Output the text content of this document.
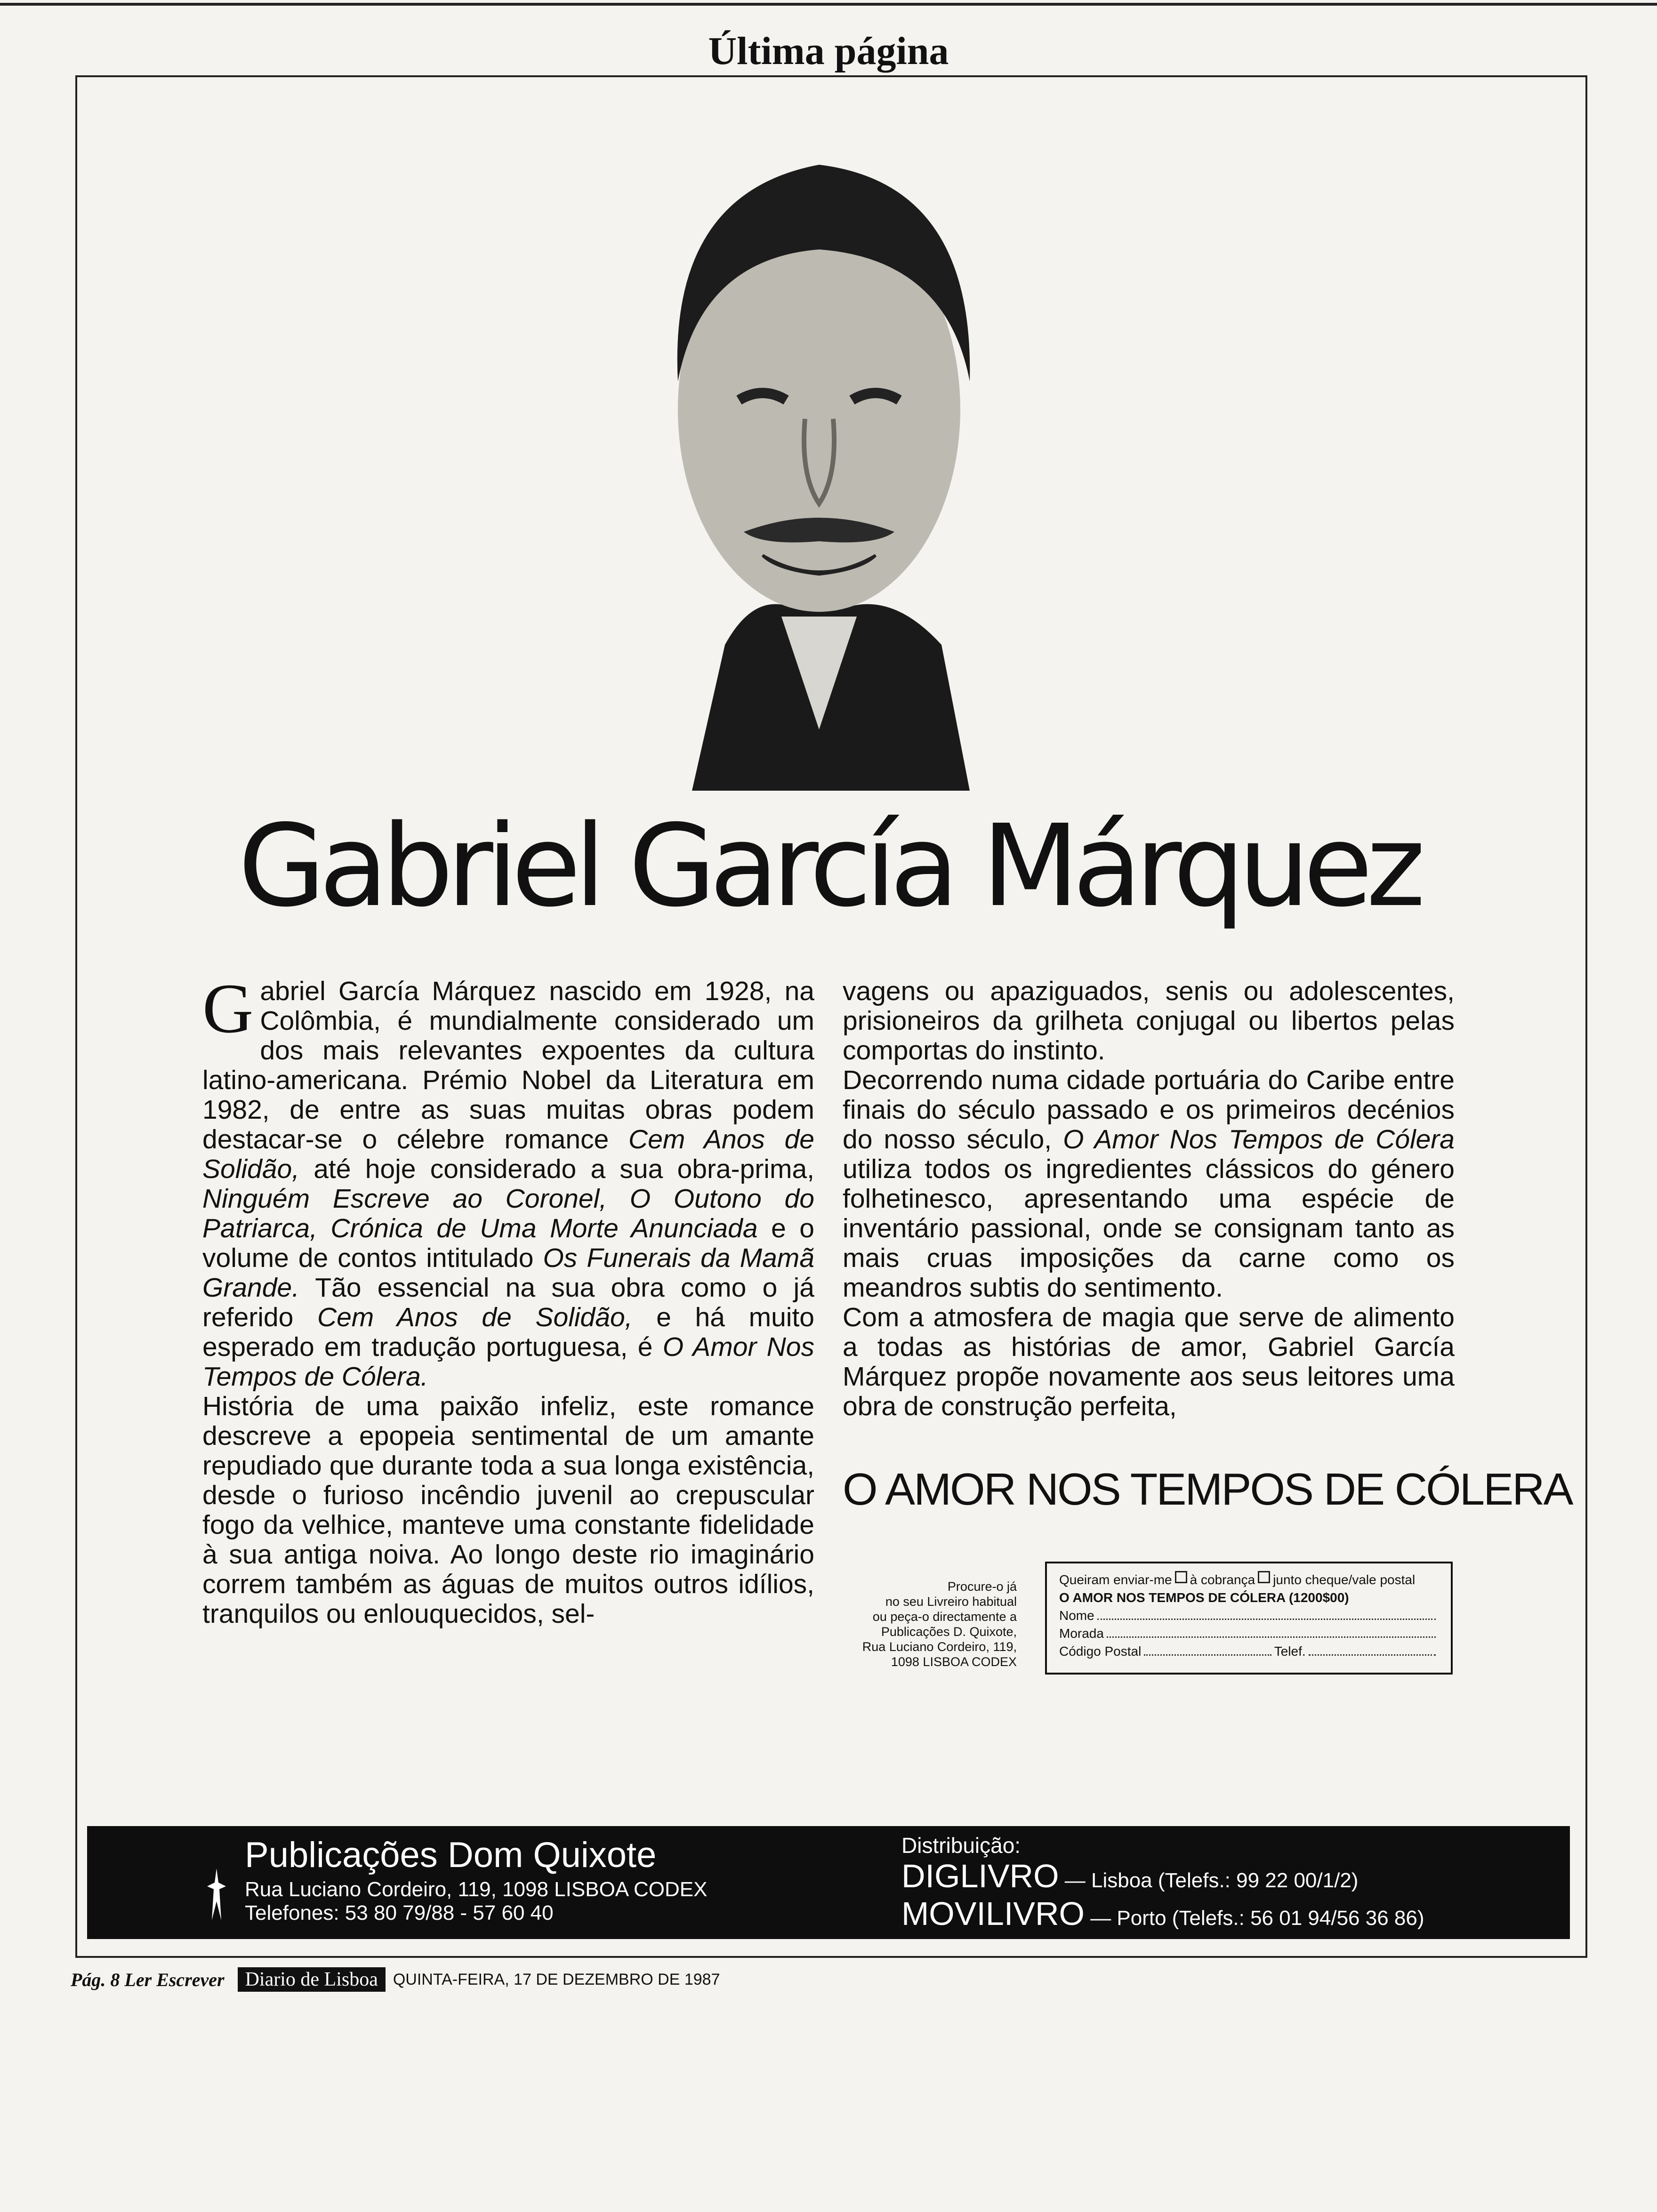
Última página
Gabriel García Márquez

Gabriel García Márquez nascido em 1928, na Colômbia, é mundialmente considerado um dos mais relevantes expoentes da cultura latino-americana. Prémio Nobel da Literatura em 1982, de entre as suas muitas obras podem destacar-se o célebre romance Cem Anos de Solidão, até hoje considerado a sua obra-prima, Ninguém Escreve ao Coronel, O Outono do Patriarca, Crónica de Uma Morte Anunciada e o volume de contos intitulado Os Funerais da Mamã Grande. Tão essencial na sua obra como o já referido Cem Anos de Solidão, e há muito esperado em tradução portuguesa, é O Amor Nos Tempos de Cólera.

História de uma paixão infeliz, este romance descreve a epopeia sentimental de um amante repudiado que durante toda a sua longa existência, desde o furioso incêndio juvenil ao crepuscular fogo da velhice, manteve uma constante fidelidade à sua antiga noiva. Ao longo deste rio imaginário correm também as águas de muitos outros idílios, tranquilos ou enlouquecidos, sel-

vagens ou apaziguados, senis ou adolescentes, prisioneiros da grilheta conjugal ou libertos pelas comportas do instinto.

Decorrendo numa cidade portuária do Caribe entre finais do século passado e os primeiros decénios do nosso século, O Amor Nos Tempos de Cólera utiliza todos os ingredientes clássicos do género folhetinesco, apresentando uma espécie de inventário passional, onde se consignam tanto as mais cruas imposições da carne como os meandros subtis do sentimento.

Com a atmosfera de magia que serve de alimento a todas as histórias de amor, Gabriel García Márquez propõe novamente aos seus leitores uma obra de construção perfeita,

O AMOR NOS TEMPOS DE CÓLERA
Procure-o já
no seu Livreiro habitual
ou peça-o directamente a
Publicações D. Quixote,
Rua Luciano Cordeiro, 119,
1098 LISBOA CODEX
Queiram enviar-me à cobrança junto cheque/vale postal
O AMOR NOS TEMPOS DE CÓLERA (1200$00)
Nome
Morada
Código Postal	Telef.
Publicações Dom Quixote
Rua Luciano Cordeiro, 119, 1098 LISBOA CODEX
Telefones: 53 80 79/88 - 57 60 40
Distribuição:
DIGLIVRO — Lisboa (Telefs.: 99 22 00/1/2)
MOVILIVRO — Porto (Telefs.: 56 01 94/56 36 86)
Pág. 8 Ler Escrever	Diario de Lisboa QUINTA-FEIRA, 17 DE DEZEMBRO DE 1987
